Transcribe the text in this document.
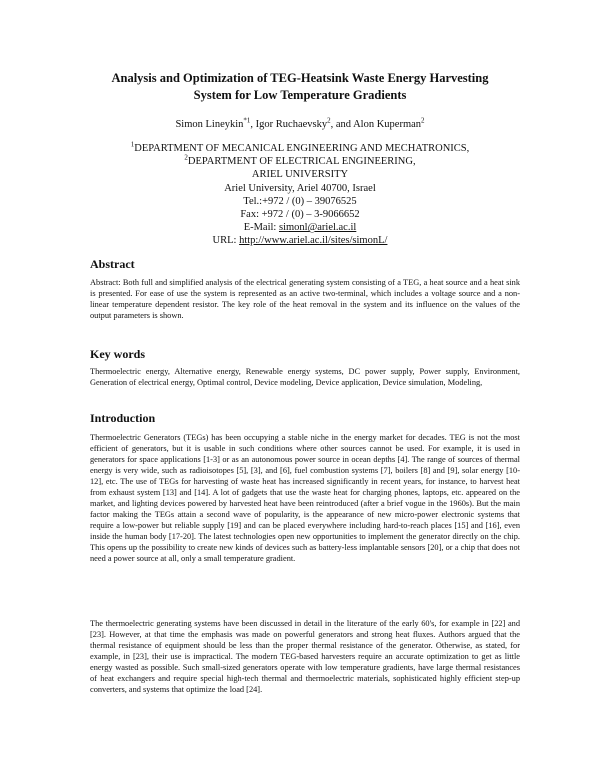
Analysis and Optimization of TEG-Heatsink Waste Energy Harvesting
System for Low Temperature Gradients
Simon Lineykin$^{*1}$, Igor Ruchaevsky$^2$, and Alon Kuperman$^2$
$^1$DEPARTMENT OF MECANICAL ENGINEERING AND MECHATRONICS,
$^2$DEPARTMENT OF ELECTRICAL ENGINEERING,
ARIEL UNIVERSITY
Ariel University, Ariel 40700, Israel
Tel.:+972 / (0) – 39076525
Fax: +972 / (0) – 3-9066652
E-Mail: simonl@ariel.ac.il
URL: http://www.ariel.ac.il/sites/simonL/
Abstract

Abstract: Both full and simplified analysis of the electrical generating system consisting of a TEG, a heat source and a heat sink is presented. For ease of use the system is represented as an active two-terminal, which includes a voltage source and a non-linear temperature dependent resistor. The key role of the heat removal in the system and its influence on the values of the output parameters is shown.

Key words

Thermoelectric energy, Alternative energy, Renewable energy systems, DC power supply, Power supply, Environment, Generation of electrical energy, Optimal control, Device modeling, Device application, Device simulation, Modeling,

Introduction

Thermoelectric Generators (TEGs) has been occupying a stable niche in the energy market for decades. TEG is not the most efficient of generators, but it is usable in such conditions where other sources cannot be used. For example, it is used in generators for space applications [1-3] or as an autonomous power source in ocean depths [4]. The range of sources of thermal energy is very wide, such as radioisotopes [5], [3], and [6], fuel combustion systems [7], boilers [8] and [9], solar energy [10-12], etc. The use of TEGs for harvesting of waste heat has increased significantly in recent years, for instance, to harvest heat from exhaust system [13] and [14]. A lot of gadgets that use the waste heat for charging phones, laptops, etc. appeared on the market, and lighting devices powered by harvested heat have been reintroduced (after a brief vogue in the 1960s). But the main factor making the TEGs attain a second wave of popularity, is the appearance of new micro-power electronic systems that require a low-power but reliable supply [19] and can be placed everywhere including hard-to-reach places [15] and [16], even inside the human body [17-20]. The latest technologies open new opportunities to implement the generator directly on the chip. This opens up the possibility to create new kinds of devices such as battery-less implantable sensors [20], or a chip that does not need a power source at all, only a small temperature gradient.

The thermoelectric generating systems have been discussed in detail in the literature of the early 60's, for example in [22] and [23]. However, at that time the emphasis was made on powerful generators and strong heat fluxes. Authors argued that the thermal resistance of equipment should be less than the proper thermal resistance of the generator. Otherwise, as stated, for example, in [23], their use is impractical. The modern TEG-based harvesters require an accurate optimization to get as little energy wasted as possible. Such small-sized generators operate with low temperature gradients, have large thermal resistances of heat exchangers and require special high-tech thermal and thermoelectric materials, sophisticated highly efficient step-up converters, and systems that optimize the load [24].
